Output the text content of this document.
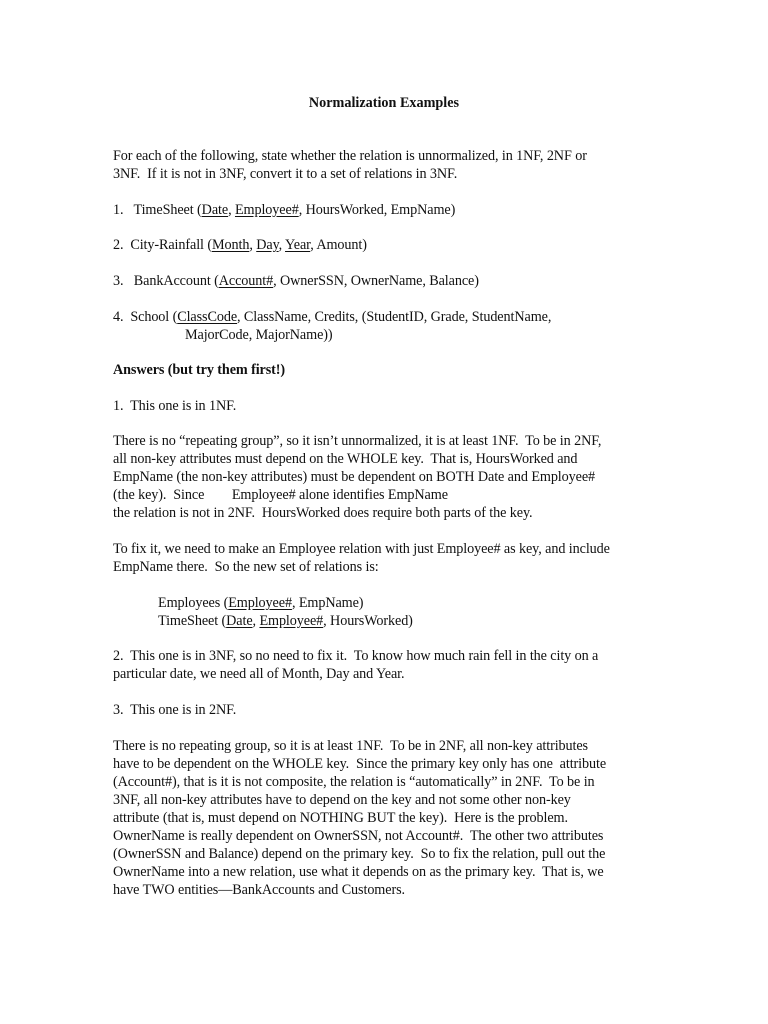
Normalization Examples
For each of the following, state whether the relation is unnormalized, in 1NF, 2NF or
3NF.  If it is not in 3NF, convert it to a set of relations in 3NF.
1.   TimeSheet (Date, Employee#, HoursWorked, EmpName)
2.  City-Rainfall (Month, Day, Year, Amount)
3.   BankAccount (Account#, OwnerSSN, OwnerName, Balance)
4.  School (ClassCode, ClassName, Credits, (StudentID, Grade, StudentName,
MajorCode, MajorName))
Answers (but try them first!)
1.  This one is in 1NF.
There is no “repeating group”, so it isn’t unnormalized, it is at least 1NF.  To be in 2NF,
all non-key attributes must depend on the WHOLE key.  That is, HoursWorked and
EmpName (the non-key attributes) must be dependent on BOTH Date and Employee#
(the key).  Since        Employee# alone identifies EmpName
the relation is not in 2NF.  HoursWorked does require both parts of the key.
To fix it, we need to make an Employee relation with just Employee# as key, and include
EmpName there.  So the new set of relations is:
Employees (Employee#, EmpName)
TimeSheet (Date, Employee#, HoursWorked)
2.  This one is in 3NF, so no need to fix it.  To know how much rain fell in the city on a
particular date, we need all of Month, Day and Year.
3.  This one is in 2NF.
There is no repeating group, so it is at least 1NF.  To be in 2NF, all non-key attributes
have to be dependent on the WHOLE key.  Since the primary key only has one  attribute
(Account#), that is it is not composite, the relation is “automatically” in 2NF.  To be in
3NF, all non-key attributes have to depend on the key and not some other non-key
attribute (that is, must depend on NOTHING BUT the key).  Here is the problem.
OwnerName is really dependent on OwnerSSN, not Account#.  The other two attributes
(OwnerSSN and Balance) depend on the primary key.  So to fix the relation, pull out the
OwnerName into a new relation, use what it depends on as the primary key.  That is, we
have TWO entities—BankAccounts and Customers.
